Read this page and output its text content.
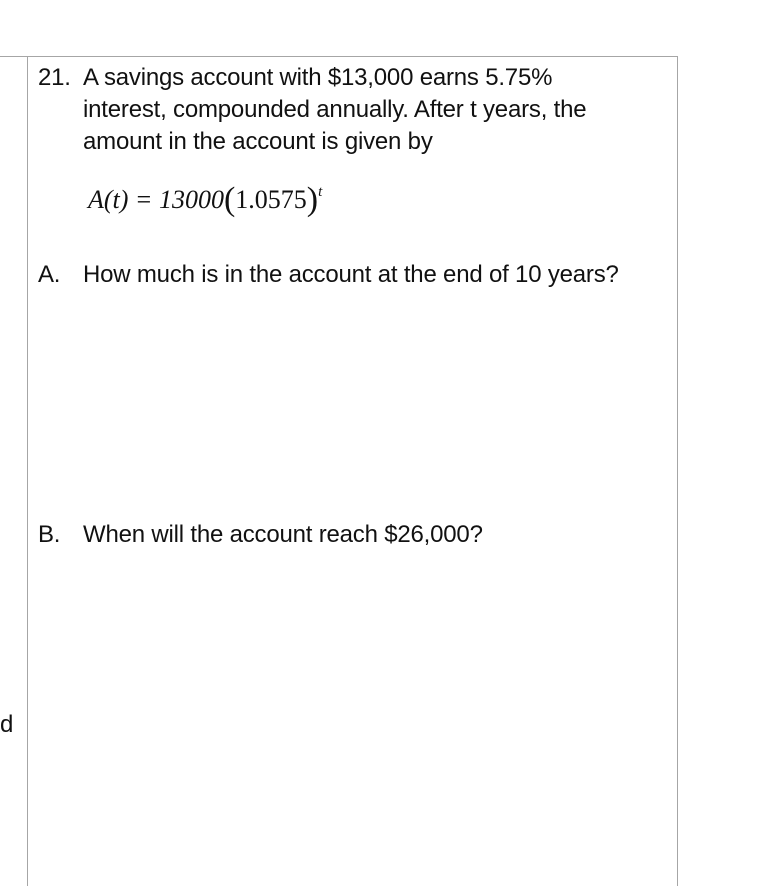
21. A savings account with $13,000 earns 5.75%
interest, compounded annually. After t years, the
amount in the account is given by
$A(t) = 13000(1.0575)^t$
A. How much is in the account at the end of 10 years?
B. When will the account reach $26,000?
d
